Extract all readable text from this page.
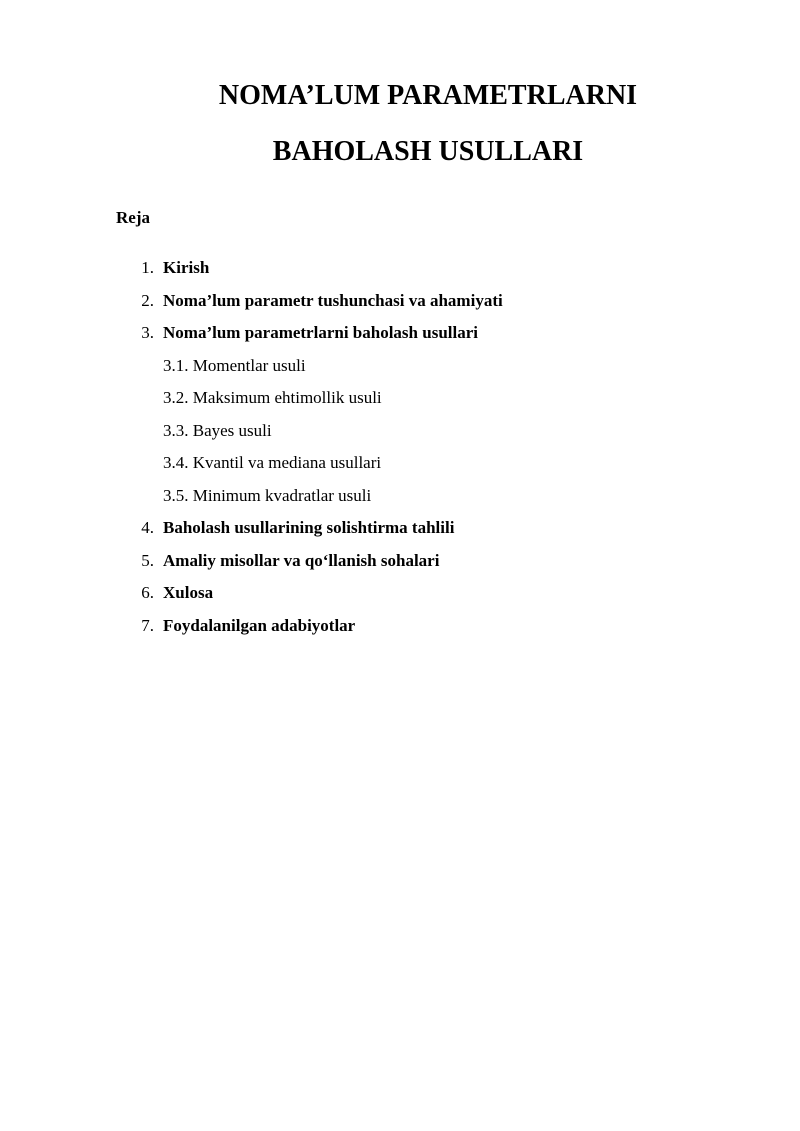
NOMA’LUM PARAMETRLARNI
BAHOLASH USULLARI
Reja
1. Kirish
2. Noma’lum parametr tushunchasi va ahamiyati
3. Noma’lum parametrlarni baholash usullari
3.1. Momentlar usuli
3.2. Maksimum ehtimollik usuli
3.3. Bayes usuli
3.4. Kvantil va mediana usullari
3.5. Minimum kvadratlar usuli
4. Baholash usullarining solishtirma tahlili
5. Amaliy misollar va qo‘llanish sohalari
6. Xulosa
7. Foydalanilgan adabiyotlar
